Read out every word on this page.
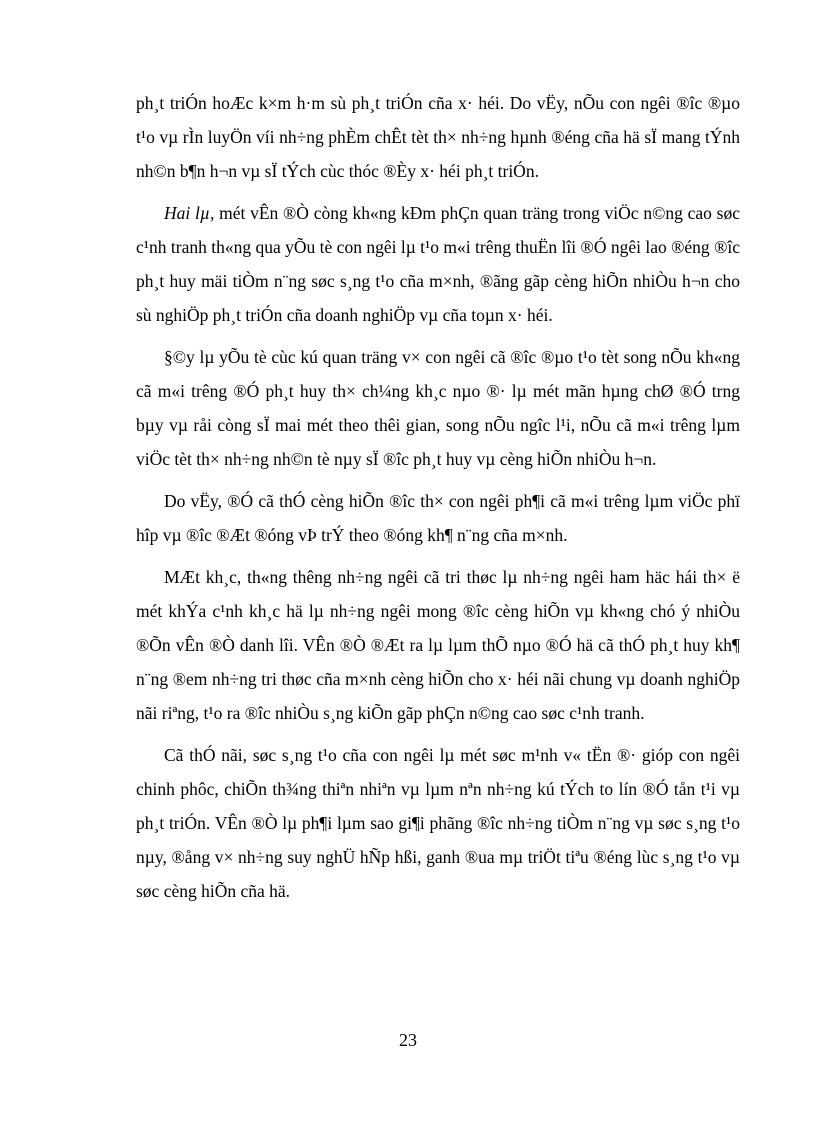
ph¸t triÓn hoÆc k×m h·m sù ph¸t triÓn cña x· héi. Do vËy, nÕu con ngêi ®îc ®µo t¹o vµ rÌn luyÖn víi nh÷ng phÈm chÊt tèt th× nh÷ng hµnh ®éng cña hä sÏ mang tÝnh nh©n b¶n h¬n vµ sÏ tÝch cùc thóc ®Èy x· héi ph¸t triÓn.

Hai lµ, mét vÊn ®Ò còng kh«ng kÐm phÇn quan träng trong viÖc n©ng cao søc c¹nh tranh th«ng qua yÕu tè con ngêi lµ t¹o m«i trêng thuËn lîi ®Ó ngêi lao ®éng ®îc ph¸t huy mäi tiÒm n¨ng søc s¸ng t¹o cña m×nh, ®ãng gãp cèng hiÕn nhiÒu h¬n cho sù nghiÖp ph¸t triÓn cña doanh nghiÖp vµ cña toµn x· héi.

§©y lµ yÕu tè cùc kú quan träng v× con ngêi cã ®îc ®µo t¹o tèt song nÕu kh«ng cã m«i trêng ®Ó ph¸t huy th× ch¼ng kh¸c nµo ®· lµ mét mãn hµng chØ ®Ó trng bµy vµ råi còng sÏ mai mét theo thêi gian, song nÕu ngîc l¹i, nÕu cã m«i trêng lµm viÖc tèt th× nh÷ng nh©n tè nµy sÏ ®îc ph¸t huy vµ cèng hiÕn nhiÒu h¬n.

Do vËy, ®Ó cã thÓ cèng hiÕn ®îc th× con ngêi ph¶i cã m«i trêng lµm viÖc phï hîp vµ ®îc ®Æt ®óng vÞ trÝ theo ®óng kh¶ n¨ng cña m×nh.

MÆt kh¸c, th«ng thêng nh÷ng ngêi cã tri thøc lµ nh÷ng ngêi ham häc hái th× ë mét khÝa c¹nh kh¸c hä lµ nh÷ng ngêi mong ®îc cèng hiÕn vµ kh«ng chó ý nhiÒu ®Õn vÊn ®Ò danh lîi. VÊn ®Ò ®Æt ra lµ lµm thÕ nµo ®Ó hä cã thÓ ph¸t huy kh¶ n¨ng ®em nh÷ng tri thøc cña m×nh cèng hiÕn cho x· héi nãi chung vµ doanh nghiÖp nãi riªng, t¹o ra ®îc nhiÒu s¸ng kiÕn gãp phÇn n©ng cao søc c¹nh tranh.

Cã thÓ nãi, søc s¸ng t¹o cña con ngêi lµ mét søc m¹nh v« tËn ®· gióp con ngêi chinh phôc, chiÕn th¾ng thiªn nhiªn vµ lµm nªn nh÷ng kú tÝch to lín ®Ó tån t¹i vµ ph¸t triÓn. VÊn ®Ò lµ ph¶i lµm sao gi¶i phãng ®îc nh÷ng tiÒm n¨ng vµ søc s¸ng t¹o nµy, ®ång v× nh÷ng suy nghÜ hÑp hßi, ganh ®ua mµ triÖt tiªu ®éng lùc s¸ng t¹o vµ søc cèng hiÕn cña hä.

23
